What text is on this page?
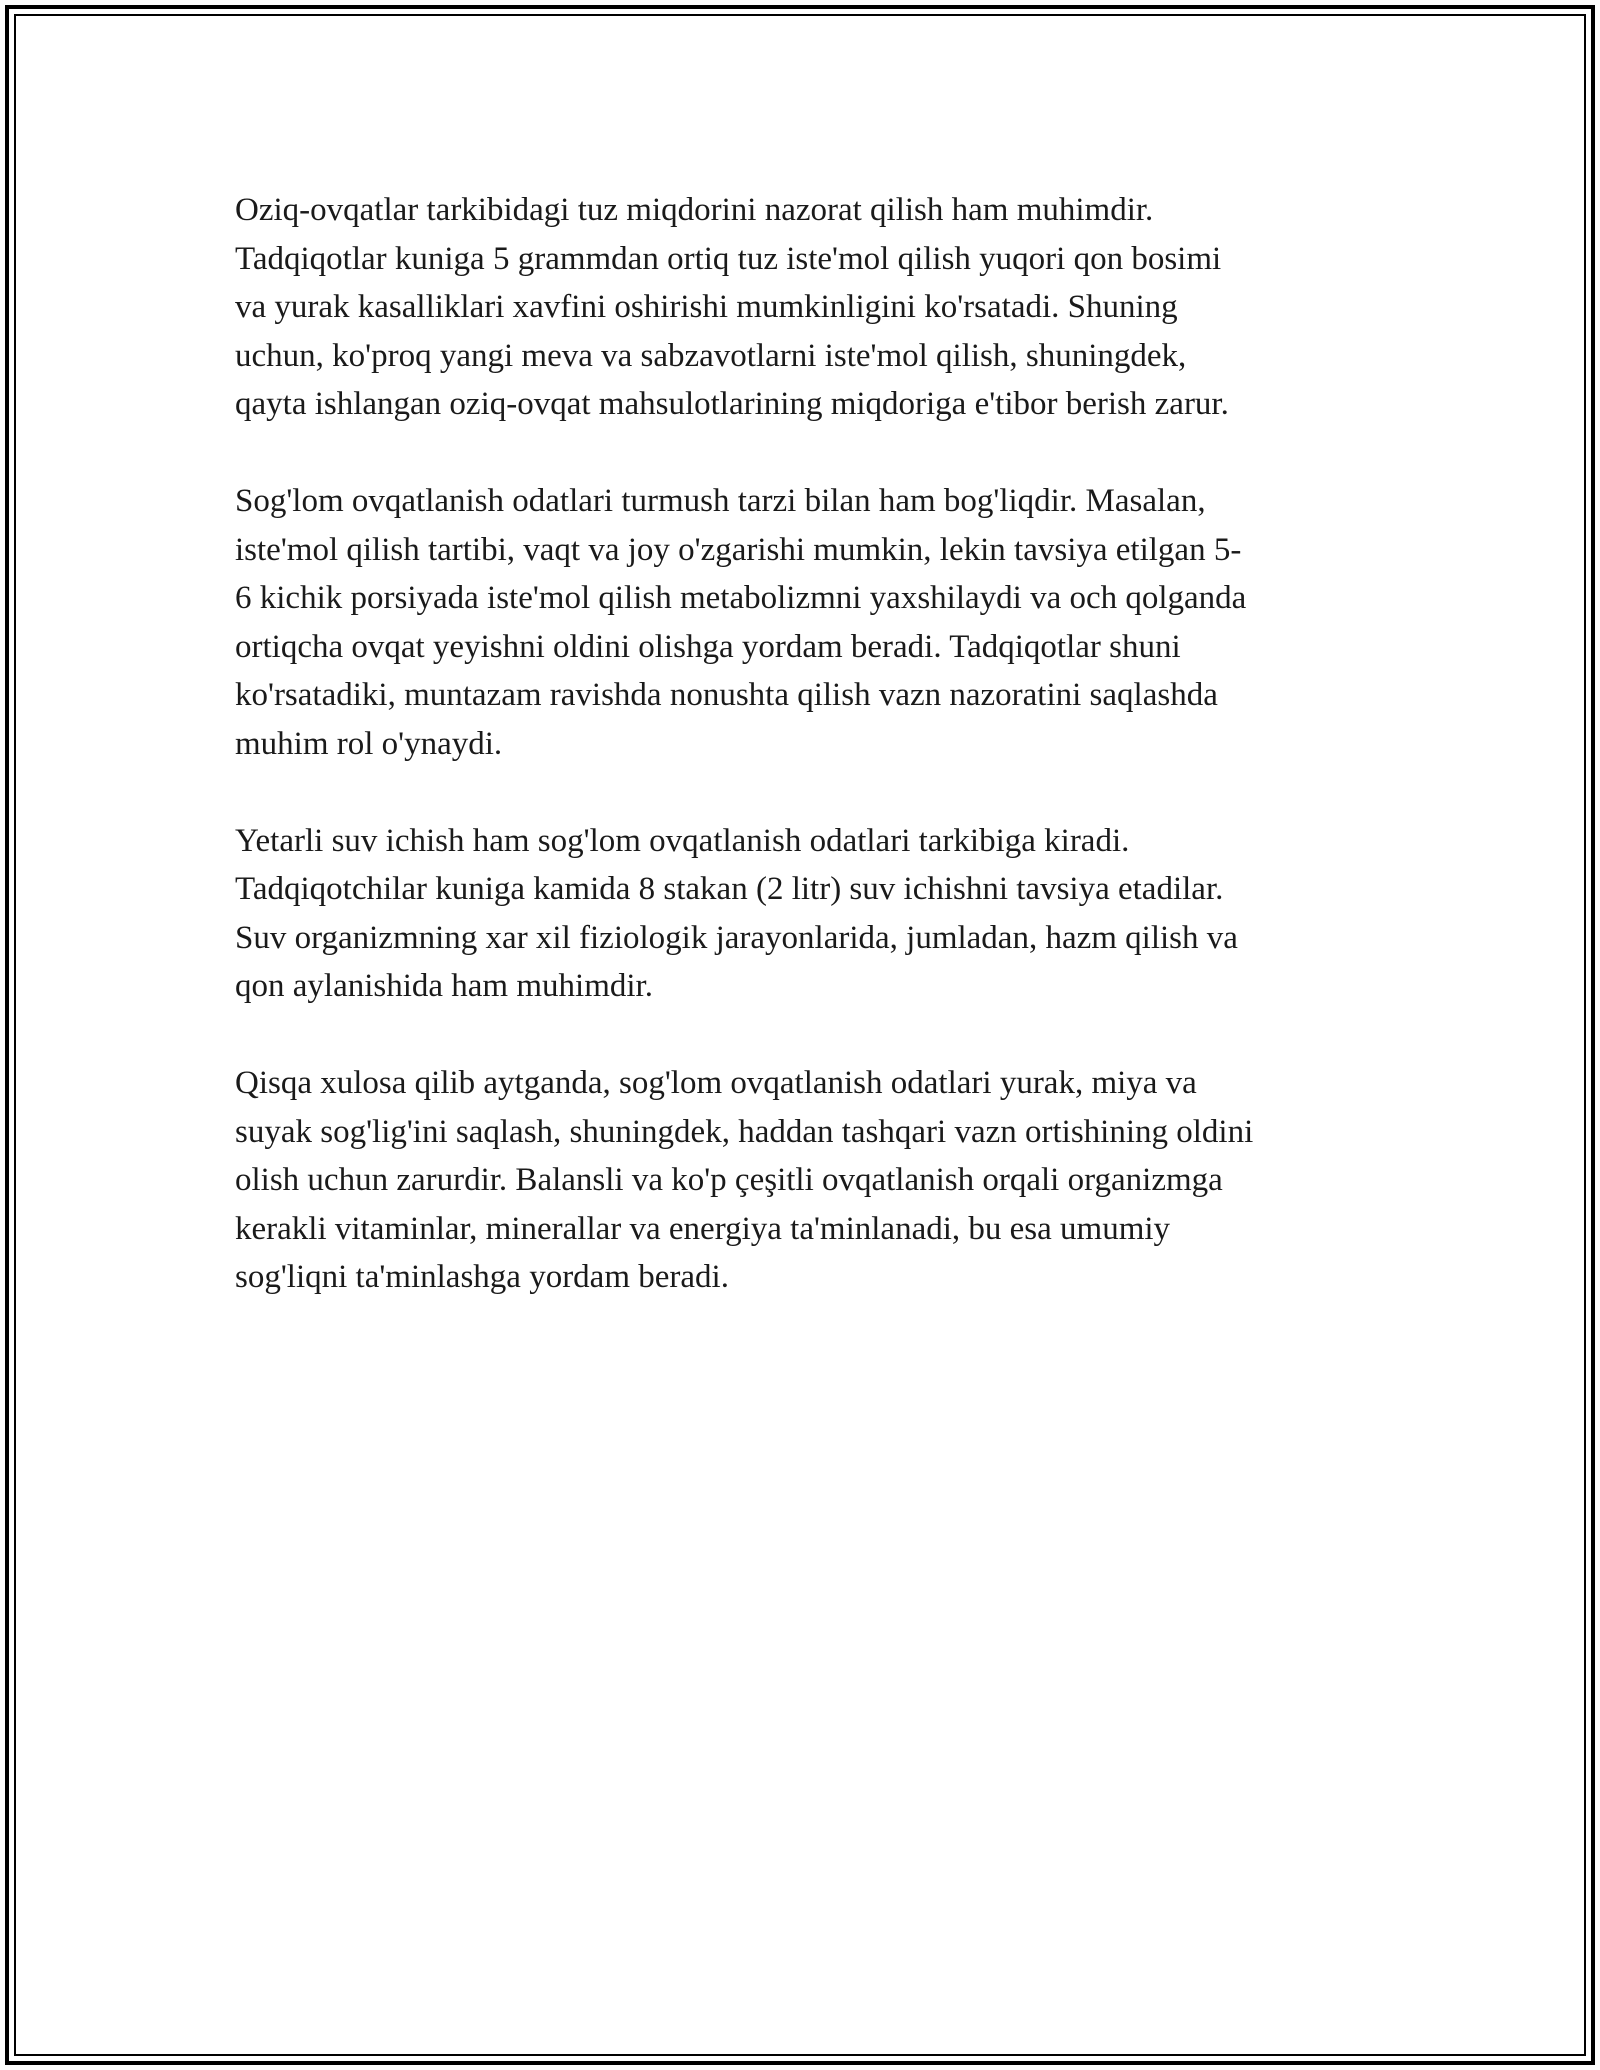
Oziq-ovqatlar tarkibidagi tuz miqdorini nazorat qilish ham muhimdir.
Tadqiqotlar kuniga 5 grammdan ortiq tuz iste'mol qilish yuqori qon bosimi
va yurak kasalliklari xavfini oshirishi mumkinligini ko'rsatadi. Shuning
uchun, ko'proq yangi meva va sabzavotlarni iste'mol qilish, shuningdek,
qayta ishlangan oziq-ovqat mahsulotlarining miqdoriga e'tibor berish zarur.

Sog'lom ovqatlanish odatlari turmush tarzi bilan ham bog'liqdir. Masalan,
iste'mol qilish tartibi, vaqt va joy o'zgarishi mumkin, lekin tavsiya etilgan 5-
6 kichik porsiyada iste'mol qilish metabolizmni yaxshilaydi va och qolganda
ortiqcha ovqat yeyishni oldini olishga yordam beradi. Tadqiqotlar shuni
ko'rsatadiki, muntazam ravishda nonushta qilish vazn nazoratini saqlashda
muhim rol o'ynaydi.

Yetarli suv ichish ham sog'lom ovqatlanish odatlari tarkibiga kiradi.
Tadqiqotchilar kuniga kamida 8 stakan (2 litr) suv ichishni tavsiya etadilar.
Suv organizmning xar xil fiziologik jarayonlarida, jumladan, hazm qilish va
qon aylanishida ham muhimdir.

Qisqa xulosa qilib aytganda, sog'lom ovqatlanish odatlari yurak, miya va
suyak sog'lig'ini saqlash, shuningdek, haddan tashqari vazn ortishining oldini
olish uchun zarurdir. Balansli va ko'p çeşitli ovqatlanish orqali organizmga
kerakli vitaminlar, minerallar va energiya ta'minlanadi, bu esa umumiy
sog'liqni ta'minlashga yordam beradi.
